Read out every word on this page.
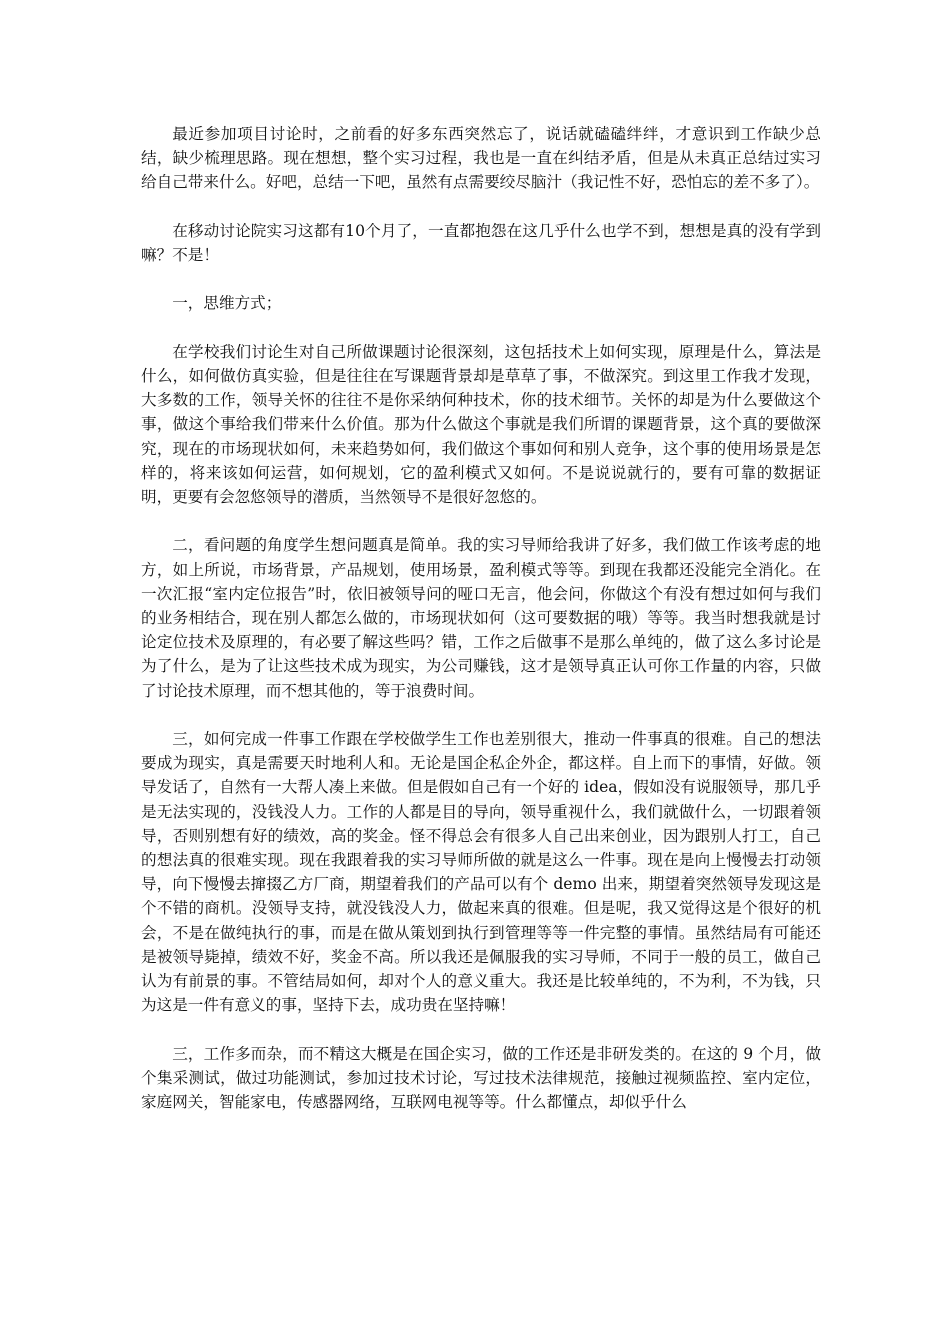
最近参加项目讨论时，之前看的好多东西突然忘了，说话就磕磕绊绊，才意识到工作缺少总结，缺少梳理思路。现在想想，整个实习过程，我也是一直在纠结矛盾，但是从未真正总结过实习给自己带来什么。好吧，总结一下吧，虽然有点需要绞尽脑汁（我记性不好，恐怕忘的差不多了）。

在移动讨论院实习这都有10个月了，一直都抱怨在这几乎什么也学不到，想想是真的没有学到嘛？不是！

一，思维方式；

在学校我们讨论生对自己所做课题讨论很深刻，这包括技术上如何实现，原理是什么，算法是什么，如何做仿真实验，但是往往在写课题背景却是草草了事，不做深究。到这里工作我才发现，大多数的工作，领导关怀的往往不是你采纳何种技术，你的技术细节。关怀的却是为什么要做这个事，做这个事给我们带来什么价值。那为什么做这个事就是我们所谓的课题背景，这个真的要做深究，现在的市场现状如何，未来趋势如何，我们做这个事如何和别人竞争，这个事的使用场景是怎样的，将来该如何运营，如何规划，它的盈利模式又如何。不是说说就行的，要有可靠的数据证明，更要有会忽悠领导的潜质，当然领导不是很好忽悠的。

二，看问题的角度学生想问题真是简单。我的实习导师给我讲了好多，我们做工作该考虑的地方，如上所说，市场背景，产品规划，使用场景，盈利模式等等。到现在我都还没能完全消化。在一次汇报“室内定位报告”时，依旧被领导问的哑口无言，他会问，你做这个有没有想过如何与我们的业务相结合，现在别人都怎么做的，市场现状如何（这可要数据的哦）等等。我当时想我就是讨论定位技术及原理的，有必要了解这些吗？错，工作之后做事不是那么单纯的，做了这么多讨论是为了什么，是为了让这些技术成为现实，为公司赚钱，这才是领导真正认可你工作量的内容，只做了讨论技术原理，而不想其他的，等于浪费时间。

三，如何完成一件事工作跟在学校做学生工作也差别很大，推动一件事真的很难。自己的想法要成为现实，真是需要天时地利人和。无论是国企私企外企，都这样。自上而下的事情，好做。领导发话了，自然有一大帮人凑上来做。但是假如自己有一个好的 idea，假如没有说服领导，那几乎是无法实现的，没钱没人力。工作的人都是目的导向，领导重视什么，我们就做什么，一切跟着领导，否则别想有好的绩效，高的奖金。怪不得总会有很多人自己出来创业，因为跟别人打工，自己的想法真的很难实现。现在我跟着我的实习导师所做的就是这么一件事。现在是向上慢慢去打动领导，向下慢慢去撺掇乙方厂商，期望着我们的产品可以有个 demo 出来，期望着突然领导发现这是个不错的商机。没领导支持，就没钱没人力，做起来真的很难。但是呢，我又觉得这是个很好的机会，不是在做纯执行的事，而是在做从策划到执行到管理等等一件完整的事情。虽然结局有可能还是被领导毙掉，绩效不好，奖金不高。所以我还是佩服我的实习导师，不同于一般的员工，做自己认为有前景的事。不管结局如何，却对个人的意义重大。我还是比较单纯的，不为利，不为钱，只为这是一件有意义的事，坚持下去，成功贵在坚持嘛！

三，工作多而杂，而不精这大概是在国企实习，做的工作还是非研发类的。在这的 9 个月，做个集采测试，做过功能测试，参加过技术讨论，写过技术法律规范，接触过视频监控、室内定位，家庭网关，智能家电，传感器网络，互联网电视等等。什么都懂点，却似乎什么
